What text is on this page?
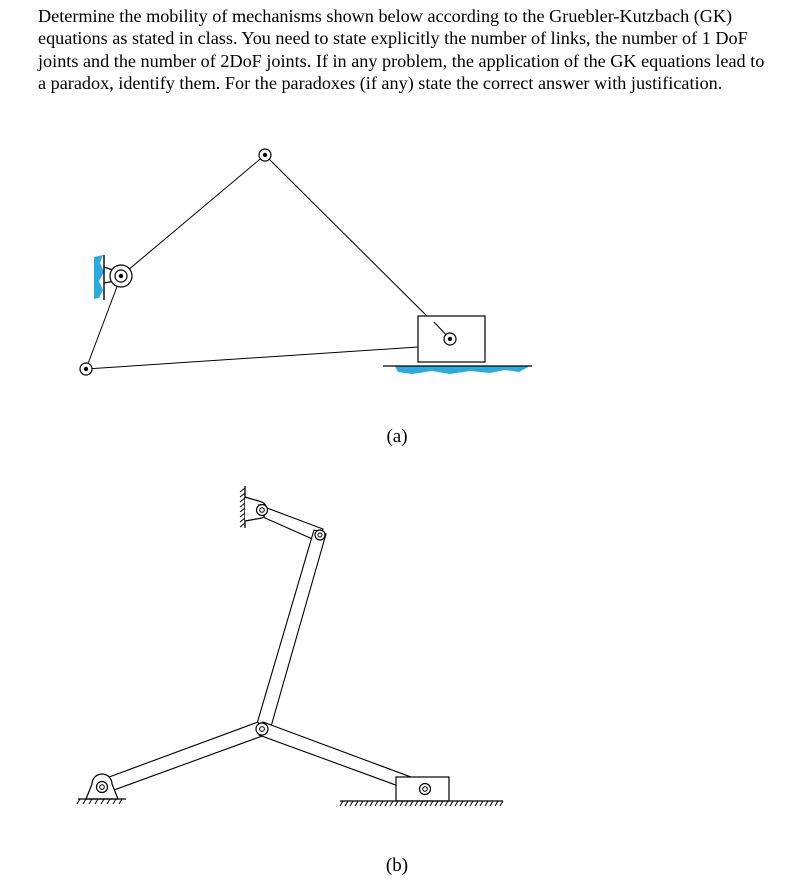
Determine the mobility of mechanisms shown below according to the Gruebler-Kutzbach (GK) equations as stated in class. You need to state explicitly the number of links, the number of 1 DoF joints and the number of 2DoF joints. If in any problem, the application of the GK equations lead to a paradox, identify them. For the paradoxes (if any) state the correct answer with justification.

(a)
(b)
